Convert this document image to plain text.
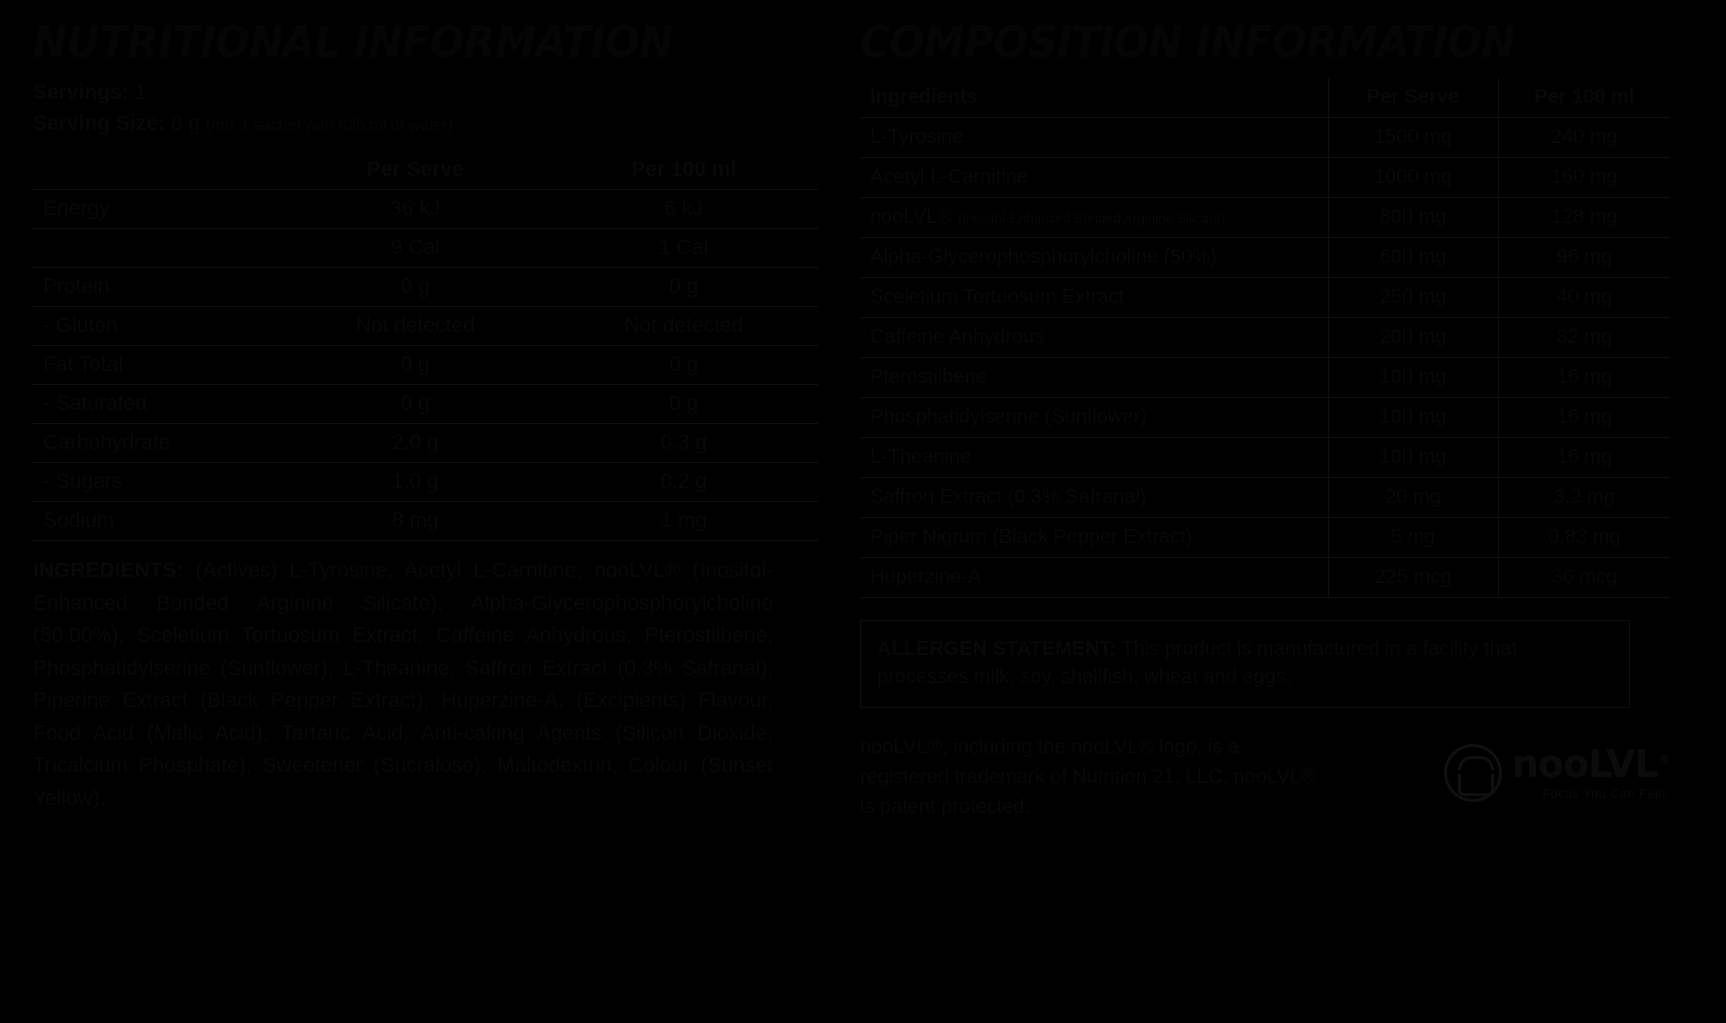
NUTRITIONAL INFORMATION

Servings: 1

Serving Size: 8 g (mix 1 sachet with 625 ml of water)

	Per Serve	Per 100 ml
Energy	36 kJ	6 kJ
	9 Cal	1 Cal
Protein	0 g	0 g
- Gluten	Not detected	Not detected
Fat Total	0 g	0 g
- Saturated	0 g	0 g
Carbohydrate	2.0 g	0.3 g
- Sugars	1.0 g	0.2 g
Sodium	8 mg	1 mg

INGREDIENTS: (Actives) L-Tyrosine, Acetyl L-Carnitine, nooLVL® (Inositol-Enhanced Bonded Arginine Silicate), Alpha-Glycerophosphorylcholine (50.00%), Sceletium Tortuosum Extract, Caffeine Anhydrous, Pterostilbene, Phosphatidylserine (Sunflower), L-Theanine, Saffron Extract (0.3% Safranal), Piperine Extract (Black Pepper Extract), Huperzine-A. (Excipients) Flavour, Food Acid (Malic Acid), Tartaric Acid, Anti-caking Agents (Silicon Dioxide, Tricalcium Phosphate), Sweetener (Sucralose), Maltodextrin, Colour (Sunset Yellow).

COMPOSITION INFORMATION
Ingredients	Per Serve	Per 100 ml
L-Tyrosine	1500 mg	240 mg
Acetyl L-Carnitine	1000 mg	160 mg
nooLVL® (Inositol-Enhanced Bonded Arginine Silicate)	800 mg	128 mg
Alpha-Glycerophosphorylcholine (50%)	600 mg	96 mg
Sceletium Tortuosum Extract	250 mg	40 mg
Caffeine Anhydrous	200 mg	32 mg
Pterostilbene	100 mg	16 mg
Phosphatidylserine (Sunflower)	100 mg	16 mg
L-Theanine	100 mg	16 mg
Saffron Extract (0.3% Safranal)	20 mg	3.2 mg
Piper Nigrum (Black Pepper Extract)	5 mg	0.83 mg
Huperzine-A	225 mcg	36 mcg

ALLERGEN STATEMENT: This product is manufactured in a facility that processes milk, soy, shellfish, wheat and eggs.

nooLVL®, including the nooLVL® logo, is a registered trademark of Nutrition 21, LLC. nooLVL® is patent protected.
nooLVL®
Focus You Can Feel.
